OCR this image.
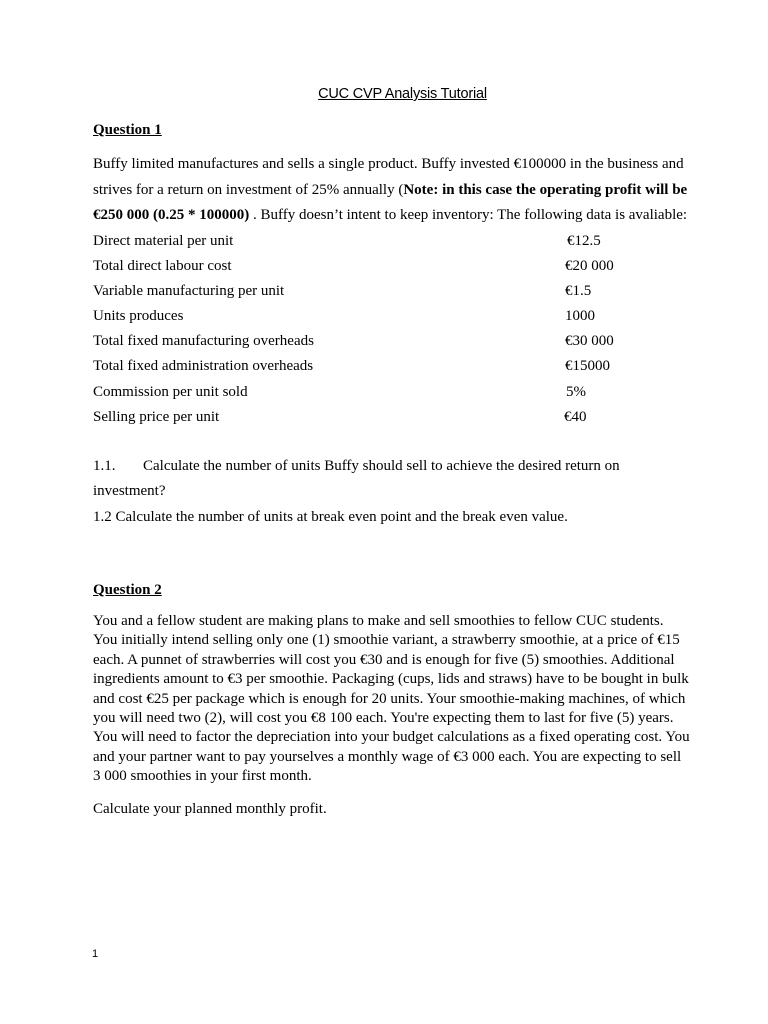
CUC CVP Analysis Tutorial
Question 1
Buffy limited manufactures and sells a single product. Buffy invested €100000 in the business and
strives for a return on investment of 25% annually (Note: in this case the operating profit will be
€250 000 (0.25 * 100000) . Buffy doesn’t intent to keep inventory: The following data is avaliable:
Direct material per unit	€12.5
Total direct labour cost	€20 000
Variable manufacturing per unit	€1.5
Units produces	1000
Total fixed manufacturing overheads	€30 000
Total fixed administration overheads	€15000
Commission per unit sold	5%
Selling price per unit	€40
1.1. Calculate the number of units Buffy should sell to achieve the desired return on
investment?
1.2 Calculate the number of units at break even point and the break even value.
Question 2
You and a fellow student are making plans to make and sell smoothies to fellow CUC students.
You initially intend selling only one (1) smoothie variant, a strawberry smoothie, at a price of €15
each. A punnet of strawberries will cost you €30 and is enough for five (5) smoothies. Additional
ingredients amount to €3 per smoothie. Packaging (cups, lids and straws) have to be bought in bulk
and cost €25 per package which is enough for 20 units. Your smoothie-making machines, of which
you will need two (2), will cost you €8 100 each. You're expecting them to last for five (5) years.
You will need to factor the depreciation into your budget calculations as a fixed operating cost. You
and your partner want to pay yourselves a monthly wage of €3 000 each. You are expecting to sell
3 000 smoothies in your first month.
Calculate your planned monthly profit.
1
